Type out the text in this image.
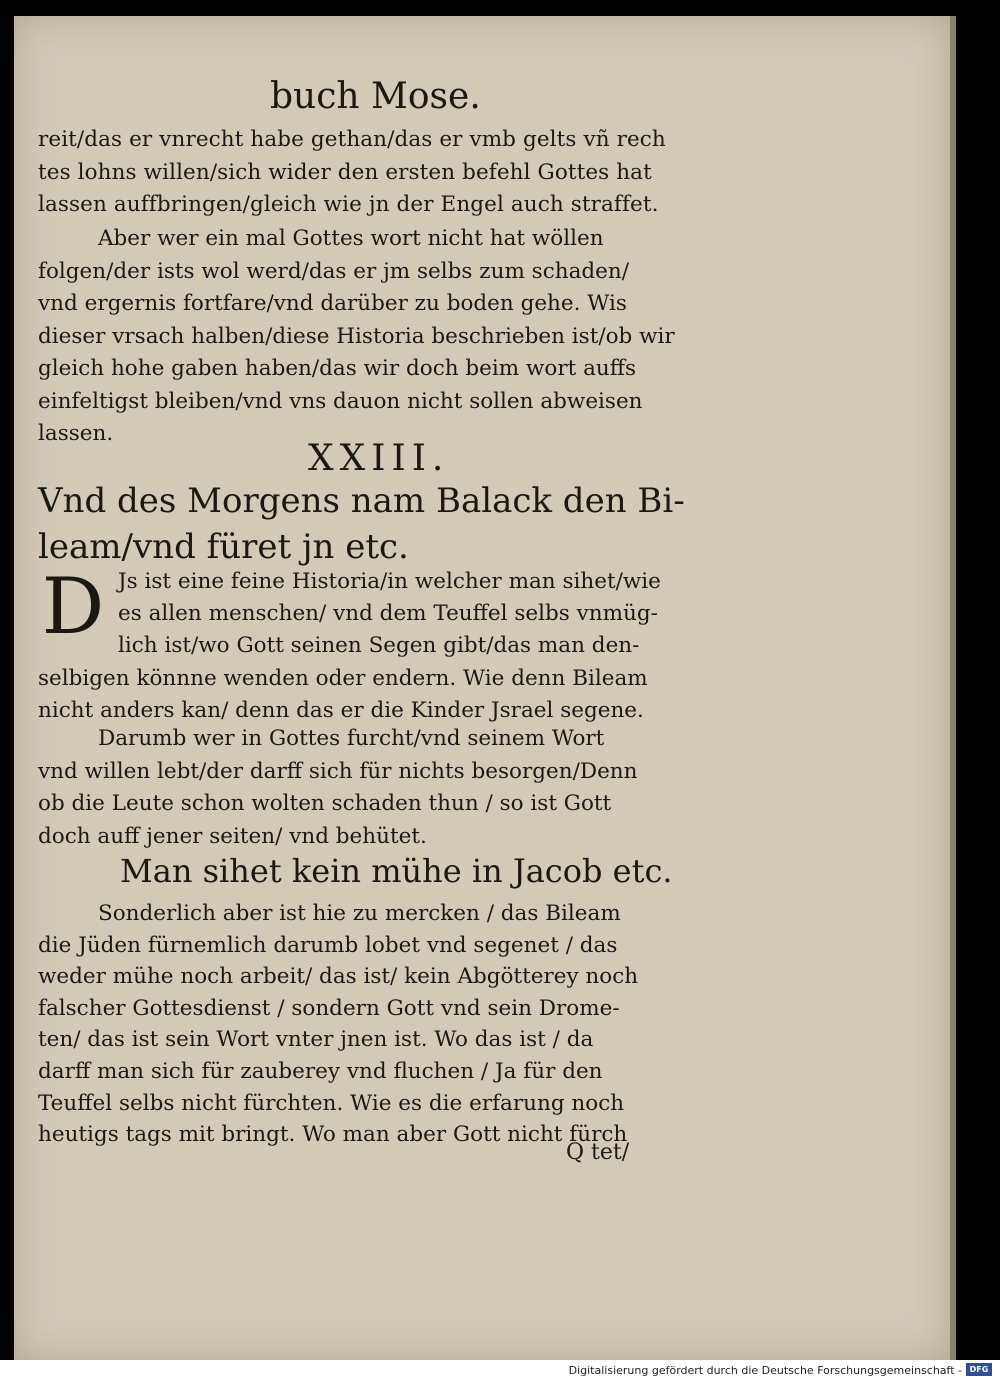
buch Mose.

reit/das er vnrecht habe gethan/das er vmb gelts vñ rech
tes lohns willen/sich wider den ersten befehl Gottes hat
lassen auffbringen/gleich wie jn der Engel auch straffet.

Aber wer ein mal Gottes wort nicht hat wöllen
folgen/der ists wol werd/das er jm selbs zum schaden/
vnd ergernis fortfare/vnd darüber zu boden gehe. Wis
dieser vrsach halben/diese Historia beschrieben ist/ob wir
gleich hohe gaben haben/das wir doch beim wort auffs
einfeltigst bleiben/vnd vns dauon nicht sollen abweisen
lassen.

XXIII.
Vnd des Morgens nam Balack den Bi-
leam/vnd füret jn etc.
D Js ist eine feine Historia/in welcher man sihet/wie
es allen menschen/ vnd dem Teuffel selbs vnmüg-
lich ist/wo Gott seinen Segen gibt/das man den-

selbigen könnne wenden oder endern. Wie denn Bileam
nicht anders kan/ denn das er die Kinder Jsrael segene.

Darumb wer in Gottes furcht/vnd seinem Wort
vnd willen lebt/der darff sich für nichts besorgen/Denn
ob die Leute schon wolten schaden thun / so ist Gott
doch auff jener seiten/ vnd behütet.

Man sihet kein mühe in Jacob etc.

Sonderlich aber ist hie zu mercken / das Bileam
die Jüden fürnemlich darumb lobet vnd segenet / das
weder mühe noch arbeit/ das ist/ kein Abgötterey noch
falscher Gottesdienst / sondern Gott vnd sein Drome-
ten/ das ist sein Wort vnter jnen ist. Wo das ist / da
darff man sich für zauberey vnd fluchen / Ja für den
Teuffel selbs nicht fürchten. Wie es die erfarung noch
heutigs tags mit bringt. Wo man aber Gott nicht fürch

Q tet/
Digitalisierung gefördert durch die Deutsche Forschungsgemeinschaft - DFG
